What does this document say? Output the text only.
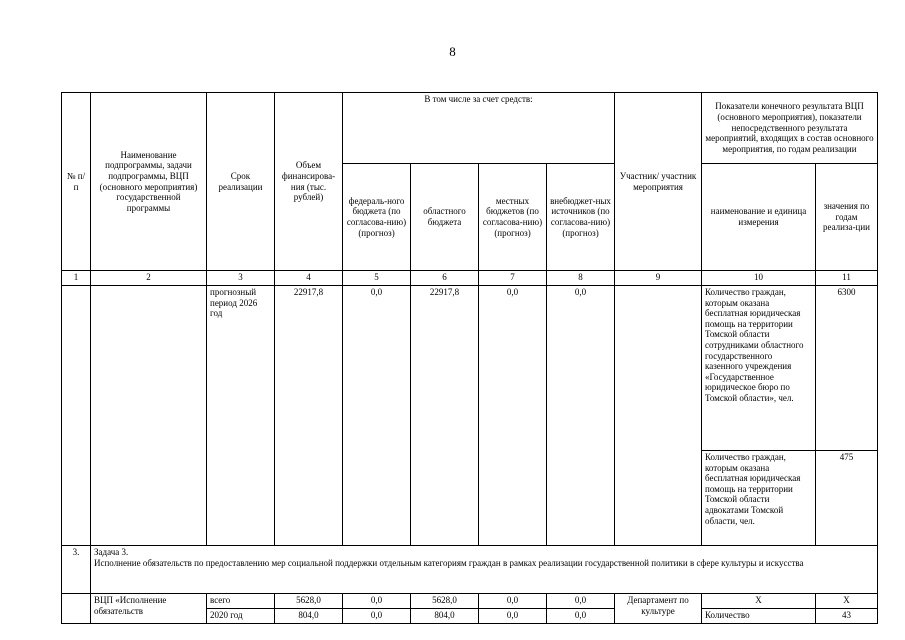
8
№ п/п	Наименование подпрограммы, задачи подпрограммы, ВЦП (основного мероприятия) государственной программы	Срок реализации	Объем финансирова-ния (тыс. рублей)	В том числе за счет средств:				Участник/ участник мероприятия	Показатели конечного результата ВЦП (основного мероприятия), показатели непосредственного результата мероприятий, входящих в состав основного мероприятия, по годам реализации	
				федераль-ного бюджета (по согласова-нию) (прогноз)	областного бюджета	местных бюджетов (по согласова-нию) (прогноз)	внебюджет-ных источников (по согласова-нию) (прогноз)		наименование и единица измерения	значения по годам реализа-ции
1	2	3	4	5	6	7	8	9	10	11
		прогнозный период 2026 год	22917,8	0,0	22917,8	0,0	0,0		Количество граждан, которым оказана бесплатная юридическая помощь на территории Томской области сотрудниками областного государственного казенного учреждения «Государственное юридическое бюро по Томской области», чел.	6300
									Количество граждан, которым оказана бесплатная юридическая помощь на территории Томской области адвокатами Томской области, чел.	475
3.	Задача 3.
Исполнение обязательств по предоставлению мер социальной поддержки отдельным категориям граждан в рамках реализации государственной политики в сфере культуры и искусства									

	ВЦП «Исполнение обязательств	всего	5628,0	0,0	5628,0	0,0	0,0	Департамент по культуре	Х	Х
		2020 год	804,0	0,0	804,0	0,0	0,0		Количество	43
